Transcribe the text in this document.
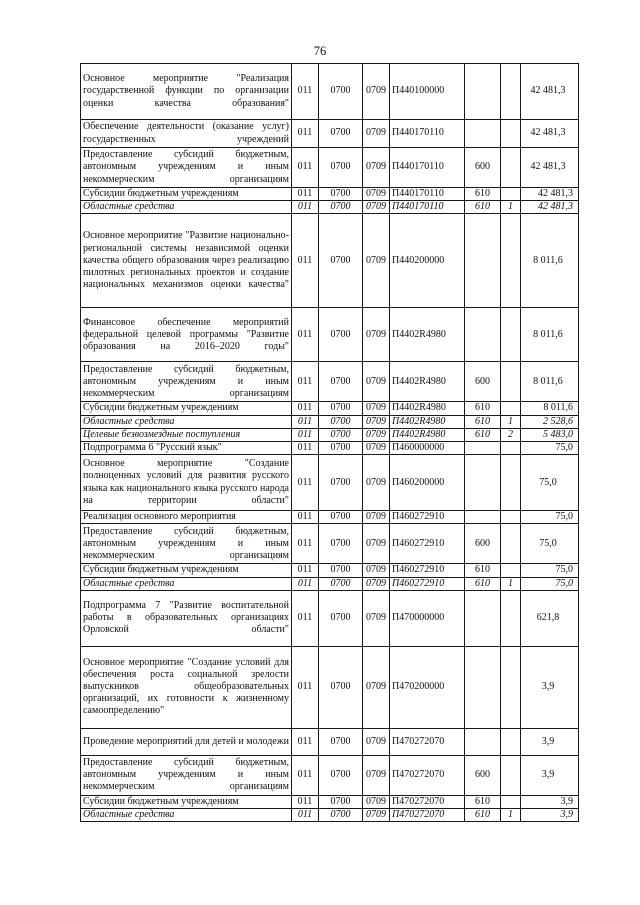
76
Основное мероприятие "Реализация государственной функции по организации оценки качества образования"	011	0700	0709	П440100000			42 481,3
Обеспечение деятельности (оказание услуг) государственных учреждений	011	0700	0709	П440170110			42 481,3
Предоставление субсидий бюджетным, автономным учреждениям и иным некоммерческим организациям	011	0700	0709	П440170110	600		42 481,3
Субсидии бюджетным учреждениям	011	0700	0709	П440170110	610		42 481,3
Областные средства	011	0700	0709	П440170110	610	1	42 481,3
Основное мероприятие "Развитие национально-региональной системы независимой оценки качества общего образования через реализацию пилотных региональных проектов и создание национальных механизмов оценки качества"	011	0700	0709	П440200000			8 011,6
Финансовое обеспечение мероприятий федеральной целевой программы "Развитие образования на 2016–2020 годы"	011	0700	0709	П4402R4980			8 011,6
Предоставление субсидий бюджетным, автономным учреждениям и иным некоммерческим организациям	011	0700	0709	П4402R4980	600		8 011,6
Субсидии бюджетным учреждениям	011	0700	0709	П4402R4980	610		8 011,6
Областные средства	011	0700	0709	П4402R4980	610	1	2 528,6
Целевые безвозмездные поступления	011	0700	0709	П4402R4980	610	2	5 483,0
Подпрограмма 6 "Русский язык"	011	0700	0709	П460000000			75,0
Основное мероприятие "Создание полноценных условий для развития русского языка как национального языка русского народа на территории области"	011	0700	0709	П460200000			75,0
Реализация основного мероприятия	011	0700	0709	П460272910			75,0
Предоставление субсидий бюджетным, автономным учреждениям и иным некоммерческим организациям	011	0700	0709	П460272910	600		75,0
Субсидии бюджетным учреждениям	011	0700	0709	П460272910	610		75,0
Областные средства	011	0700	0709	П460272910	610	1	75,0
Подпрограмма 7 "Развитие воспитательной работы в образовательных организациях Орловской области"	011	0700	0709	П470000000			621,8
Основное мероприятие "Создание условий для обеспечения роста социальной зрелости выпускников общеобразовательных организаций, их готовности к жизненному самоопределению"	011	0700	0709	П470200000			3,9
Проведение мероприятий для детей и молодежи	011	0700	0709	П470272070			3,9
Предоставление субсидий бюджетным, автономным учреждениям и иным некоммерческим организациям	011	0700	0709	П470272070	600		3,9
Субсидии бюджетным учреждениям	011	0700	0709	П470272070	610		3,9
Областные средства	011	0700	0709	П470272070	610	1	3,9
